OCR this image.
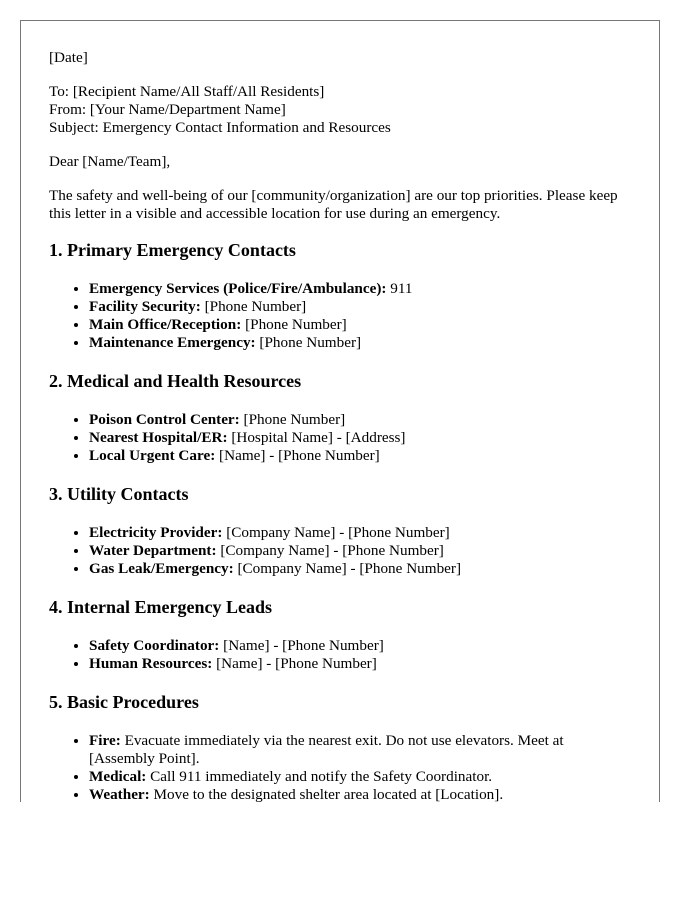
[Date]

To: [Recipient Name/All Staff/All Residents]
From: [Your Name/Department Name]
Subject: Emergency Contact Information and Resources

Dear [Name/Team],

The safety and well-being of our [community/organization] are our top priorities. Please keep this letter in a visible and accessible location for use during an emergency.

1. Primary Emergency Contacts
• Emergency Services (Police/Fire/Ambulance): 911
• Facility Security: [Phone Number]
• Main Office/Reception: [Phone Number]
• Maintenance Emergency: [Phone Number]
2. Medical and Health Resources
• Poison Control Center: [Phone Number]
• Nearest Hospital/ER: [Hospital Name] - [Address]
• Local Urgent Care: [Name] - [Phone Number]
3. Utility Contacts
• Electricity Provider: [Company Name] - [Phone Number]
• Water Department: [Company Name] - [Phone Number]
• Gas Leak/Emergency: [Company Name] - [Phone Number]
4. Internal Emergency Leads
• Safety Coordinator: [Name] - [Phone Number]
• Human Resources: [Name] - [Phone Number]
5. Basic Procedures
• Fire: Evacuate immediately via the nearest exit. Do not use elevators. Meet at [Assembly Point].
• Medical: Call 911 immediately and notify the Safety Coordinator.
• Weather: Move to the designated shelter area located at [Location].
